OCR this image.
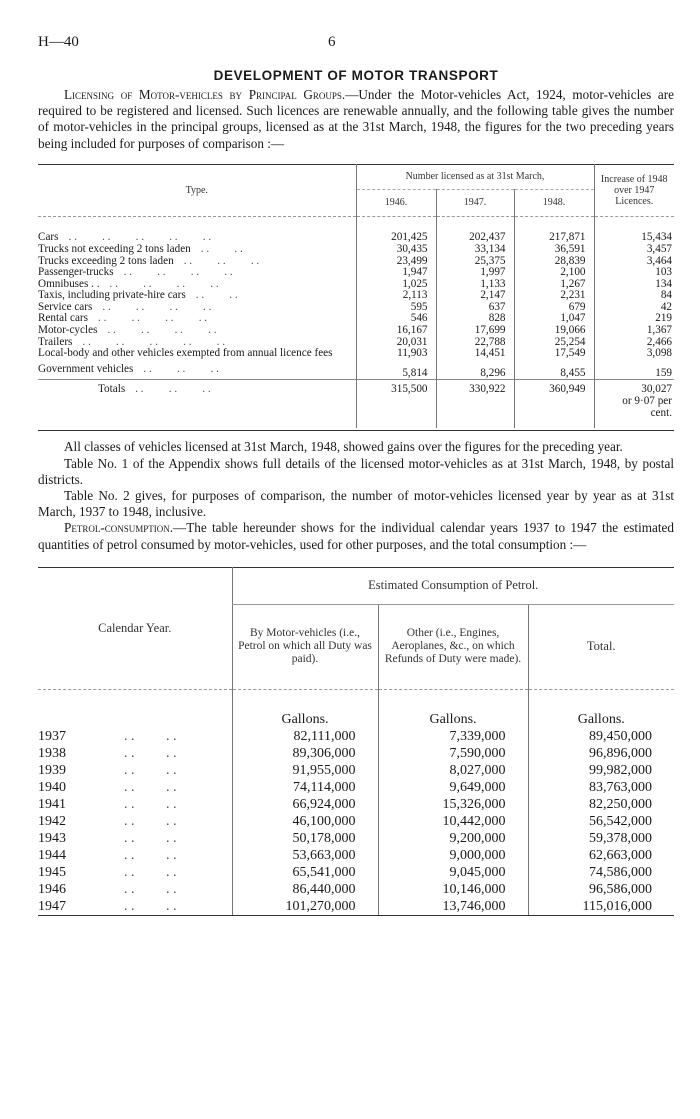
H—40	6
DEVELOPMENT OF MOTOR TRANSPORT

Licensing of Motor-vehicles by Principal Groups.—Under the Motor-vehicles Act, 1924, motor-vehicles are required to be registered and licensed. Such licences are renewable annually, and the following table gives the number of motor-vehicles in the principal groups, licensed as at the 31st March, 1948, the figures for the two preceding years being included for purposes of comparison :—

Type.	Number licensed as at 31st March,			Increase of 1948 over 1947 Licences.
	1946.	1947.	1948.	

Cars . .         . .         . .         . .         . .	201,425	202,437	217,871	15,434
Trucks not exceeding 2 tons laden . .         . .	30,435	33,134	36,591	3,457
Trucks exceeding 2 tons laden . .         . .         . .	23,499	25,375	28,839	3,464
Passenger-trucks . .         . .         . .         . .	1,947	1,997	2,100	103
Omnibuses . . . .         . .         . .         . .	1,025	1,133	1,267	134
Taxis, including private-hire cars . .         . .	2,113	2,147	2,231	84
Service cars . .         . .         . .         . .	595	637	679	42
Rental cars . .         . .         . .         . .	546	828	1,047	219
Motor-cycles . .         . .         . .         . .	16,167	17,699	19,066	1,367
Trailers . .         . .         . .         . .         . .	20,031	22,788	25,254	2,466
Local-body and other vehicles exempted from annual licence fees	11,903	14,451	17,549	3,098
Government vehicles . .         . .         . .	5,814	8,296	8,455	159
Totals . .         . .         . .	315,500	330,922	360,949	30,027
or 9·07 per cent.

All classes of vehicles licensed at 31st March, 1948, showed gains over the figures for the preceding year.

Table No. 1 of the Appendix shows full details of the licensed motor-vehicles as at 31st March, 1948, by postal districts.

Table No. 2 gives, for purposes of comparison, the number of motor-vehicles licensed year by year as at 31st March, 1937 to 1948, inclusive.

Petrol-consumption.—The table hereunder shows for the individual calendar years 1937 to 1947 the estimated quantities of petrol consumed by motor-vehicles, used for other purposes, and the total consumption :—

Calendar Year.	Estimated Consumption of Petrol.		
	By Motor-vehicles (i.e., Petrol on which all Duty was paid).	Other (i.e., Engines, Aeroplanes, &c., on which Refunds of Duty were made).	Total.

	Gallons.	Gallons.	Gallons.
1937 . .         . .	82,111,000	7,339,000	89,450,000
1938 . .         . .	89,306,000	7,590,000	96,896,000
1939 . .         . .	91,955,000	8,027,000	99,982,000
1940 . .         . .	74,114,000	9,649,000	83,763,000
1941 . .         . .	66,924,000	15,326,000	82,250,000
1942 . .         . .	46,100,000	10,442,000	56,542,000
1943 . .         . .	50,178,000	9,200,000	59,378,000
1944 . .         . .	53,663,000	9,000,000	62,663,000
1945 . .         . .	65,541,000	9,045,000	74,586,000
1946 . .         . .	86,440,000	10,146,000	96,586,000
1947 . .         . .	101,270,000	13,746,000	115,016,000
